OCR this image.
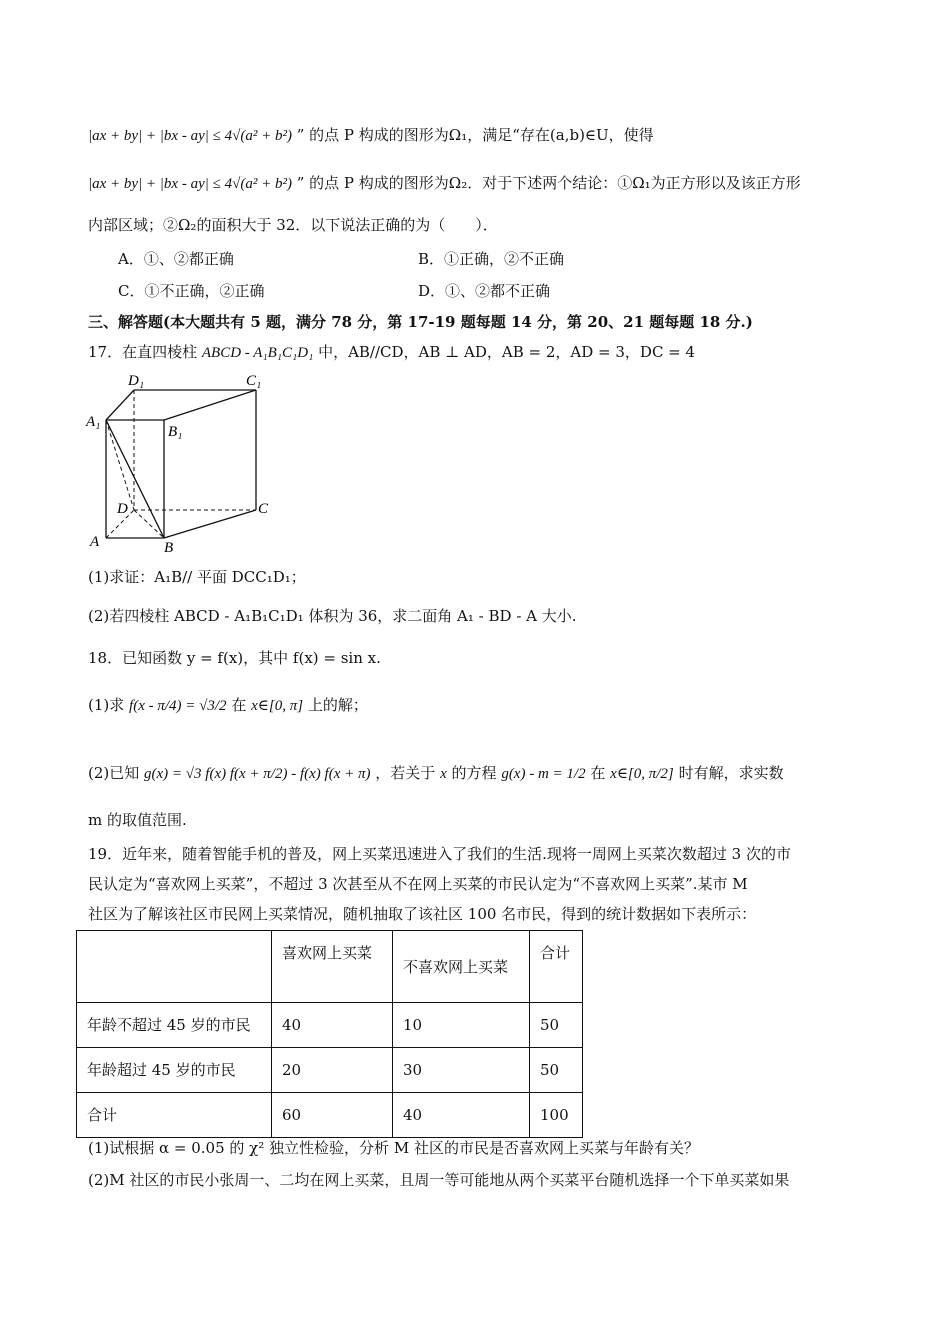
|ax + by| + |bx - ay| ≤ 4√(a² + b²) ” 的点 P 构成的图形为Ω₁，满足“存在(a,b)∈U，使得
|ax + by| + |bx - ay| ≤ 4√(a² + b²) ” 的点 P 构成的图形为Ω₂．对于下述两个结论：①Ω₁为正方形以及该正方形
内部区域；②Ω₂的面积大于 32．以下说法正确的为（　　）．
A．①、②都正确	B．①正确，②不正确
C．①不正确，②正确	D．①、②都不正确
三、解答题(本大题共有 5 题，满分 78 分，第 17-19 题每题 14 分，第 20、21 题每题 18 分.)
17．在直四棱柱 ABCD - A₁B₁C₁D₁ 中，AB//CD，AB ⊥ AD，AB = 2，AD = 3，DC = 4
D₁	C₁
A₁
B₁
D	C
A	B
(1)求证：A₁B// 平面 DCC₁D₁；
(2)若四棱柱 ABCD - A₁B₁C₁D₁ 体积为 36，求二面角 A₁ - BD - A 大小.
18．已知函数 y = f(x)，其中 f(x) = sin x.
(1)求 f(x - π/4) = √3/2 在 x∈[0, π] 上的解；
(2)已知 g(x) = √3 f(x) f(x + π/2) - f(x) f(x + π) ，若关于 x 的方程 g(x) - m = 1/2 在 x∈[0, π/2] 时有解，求实数
m 的取值范围.
19．近年来，随着智能手机的普及，网上买菜迅速进入了我们的生活.现将一周网上买菜次数超过 3 次的市
民认定为“喜欢网上买菜”，不超过 3 次甚至从不在网上买菜的市民认定为“不喜欢网上买菜”.某市 M
社区为了解该社区市民网上买菜情况，随机抽取了该社区 100 名市民，得到的统计数据如下表所示：
	喜欢网上买菜	不喜欢网上买菜	合计
年龄不超过 45 岁的市民	40	10	50
年龄超过 45 岁的市民	20	30	50
合计	60	40	100
(1)试根据 α = 0.05 的 χ² 独立性检验，分析 M 社区的市民是否喜欢网上买菜与年龄有关？
(2)M 社区的市民小张周一、二均在网上买菜，且周一等可能地从两个买菜平台随机选择一个下单买菜如果
